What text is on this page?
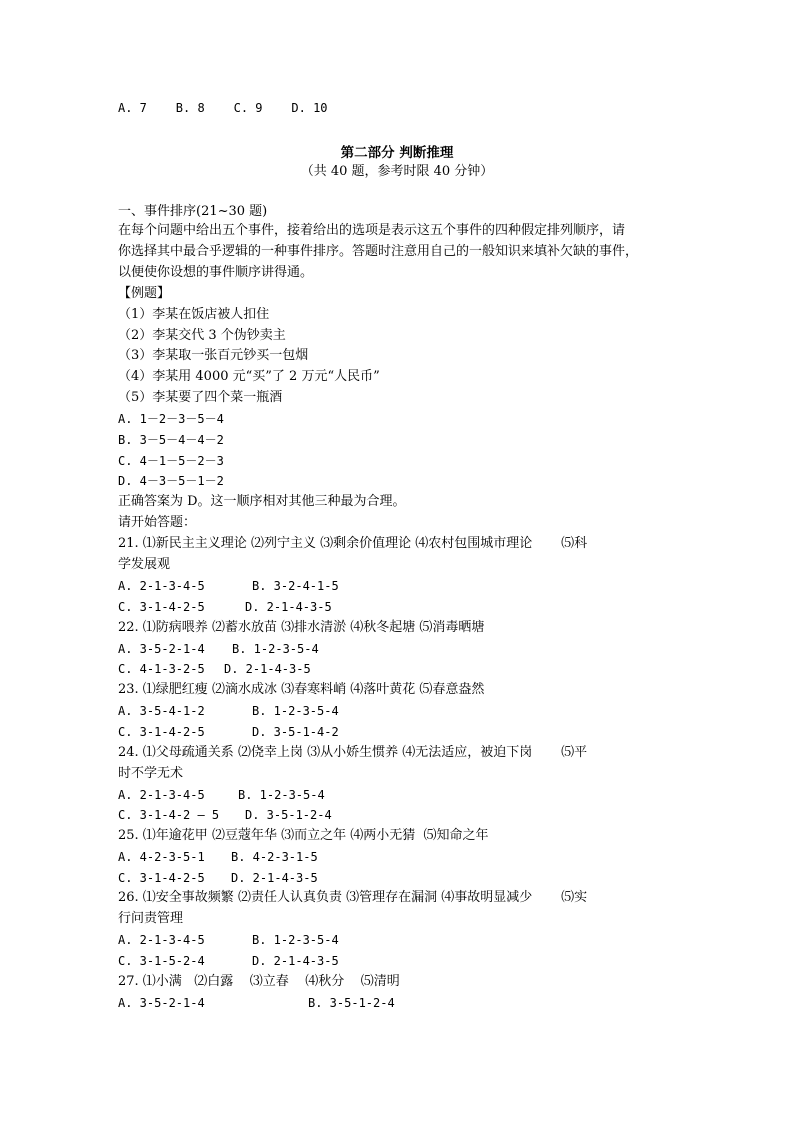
A. 7    B. 8    C. 9    D. 10
第二部分 判断推理
（共 40 题，参考时限 40 分钟）
一、事件排序(21~30 题)
在每个问题中给出五个事件，接着给出的选项是表示这五个事件的四种假定排列顺序，请
你选择其中最合乎逻辑的一种事件排序。答题时注意用自己的一般知识来填补欠缺的事件，
以便使你设想的事件顺序讲得通。
【例题】
（1）李某在饭店被人扣住
（2）李某交代 3 个伪钞卖主
（3）李某取一张百元钞买一包烟
（4）李某用 4000 元“买”了 2 万元“人民币”
（5）李某要了四个菜一瓶酒
A. 1－2－3－5－4
B. 3－5－4－4－2
C. 4－1－5－2－3
D. 4－3－5－1－2
正确答案为 D。这一顺序相对其他三种最为合理。
请开始答题：
21. ⑴新民主主义理论 ⑵列宁主义 ⑶剩余价值理论 ⑷农村包围城市理论       ⑸科
学发展观
A. 2-1-3-4-5	B. 3-2-4-1-5
C. 3-1-4-2-5	D. 2-1-4-3-5
22. ⑴防病喂养 ⑵蓄水放苗 ⑶排水清淤 ⑷秋冬起塘 ⑸消毒晒塘
A. 3-5-2-1-4	B. 1-2-3-5-4
C. 4-1-3-2-5	D. 2-1-4-3-5
23. ⑴绿肥红瘦 ⑵滴水成冰 ⑶春寒料峭 ⑷落叶黄花 ⑸春意盎然
A. 3-5-4-1-2	B. 1-2-3-5-4
C. 3-1-4-2-5	D. 3-5-1-4-2
24. ⑴父母疏通关系 ⑵侥幸上岗 ⑶从小娇生惯养 ⑷无法适应，被迫下岗       ⑸平
时不学无术
A. 2-1-3-4-5	B. 1-2-3-5-4
C. 3-1-4-2 — 5	D. 3-5-1-2-4
25. ⑴年逾花甲 ⑵豆蔻年华 ⑶而立之年 ⑷两小无猜  ⑸知命之年
A. 4-2-3-5-1	B. 4-2-3-1-5
C. 3-1-4-2-5	D. 2-1-4-3-5
26. ⑴安全事故频繁 ⑵责任人认真负责 ⑶管理存在漏洞 ⑷事故明显减少       ⑸实
行问责管理
A. 2-1-3-4-5	B. 1-2-3-5-4
C. 3-1-5-2-4	D. 2-1-4-3-5
27. ⑴小满   ⑵白露    ⑶立春    ⑷秋分    ⑸清明
A. 3-5-2-1-4	B. 3-5-1-2-4
